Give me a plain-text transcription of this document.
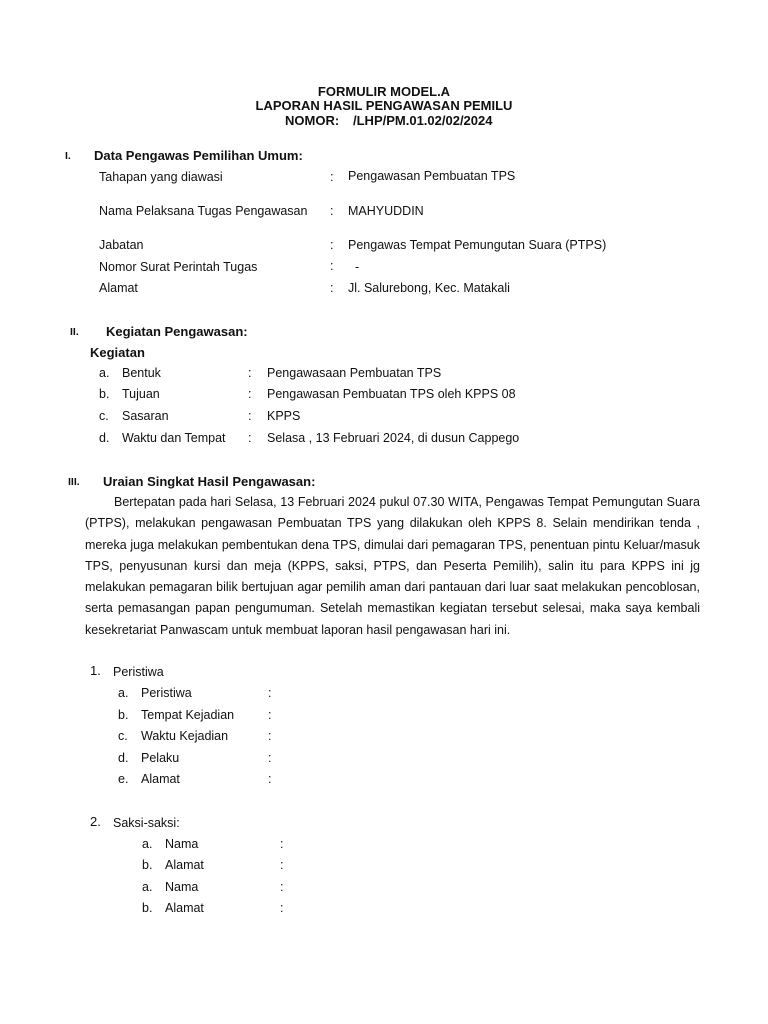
FORMULIR MODEL.A
LAPORAN HASIL PENGAWASAN PEMILU
NOMOR: /LHP/PM.01.02/02/2024
I. Data Pengawas Pemilihan Umum:
Tahapan yang diawasi	: Pengawasan Pembuatan TPS
Nama Pelaksana Tugas Pengawasan : MAHYUDDIN
Jabatan	: Pengawas Tempat Pemungutan Suara (PTPS)
Nomor Surat Perintah Tugas	: -
Alamat	: Jl. Salurebong, Kec. Matakali
II. Kegiatan Pengawasan:
Kegiatan
a. Bentuk	: Pengawasaan Pembuatan TPS
b. Tujuan	: Pengawasan Pembuatan TPS oleh KPPS 08
c. Sasaran	: KPPS
d. Waktu dan Tempat : Selasa , 13 Februari 2024, di dusun Cappego
III. Uraian Singkat Hasil Pengawasan:
Bertepatan pada hari Selasa, 13 Februari 2024 pukul 07.30 WITA, Pengawas Tempat Pemungutan Suara (PTPS), melakukan pengawasan Pembuatan TPS yang dilakukan oleh KPPS 8. Selain mendirikan tenda , mereka juga melakukan pembentukan dena TPS, dimulai dari pemagaran TPS, penentuan pintu Keluar/masuk TPS, penyusunan kursi dan meja (KPPS, saksi, PTPS, dan Peserta Pemilih), salin itu para KPPS ini jg melakukan pemagaran bilik bertujuan agar pemilih aman dari pantauan dari luar saat melakukan pencoblosan, serta pemasangan papan pengumuman. Setelah memastikan kegiatan tersebut selesai, maka saya kembali kesekretariat Panwascam untuk membuat laporan hasil pengawasan hari ini.
1. Peristiwa
a. Peristiwa	:
b. Tempat Kejadian	:
c. Waktu Kejadian	:
d. Pelaku	:
e. Alamat	:
2. Saksi-saksi:
a. Nama	:
b. Alamat	:
a. Nama	:
b. Alamat	:
